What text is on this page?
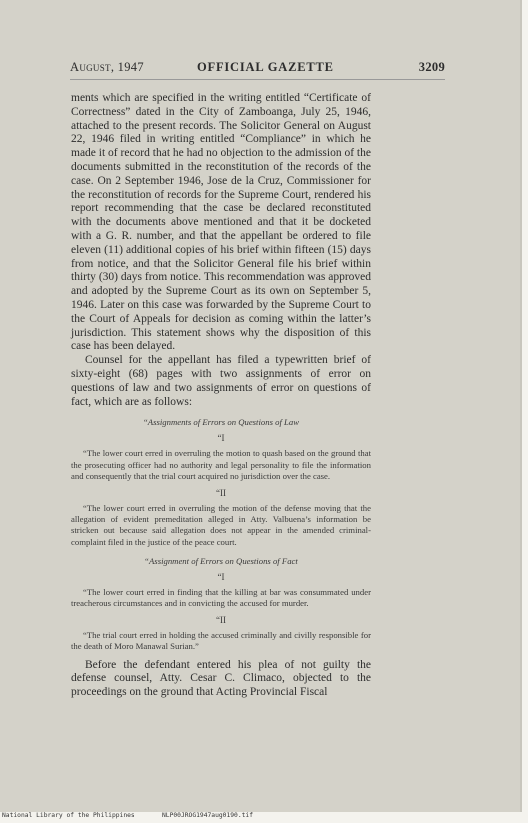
August, 1947	OFFICIAL GAZETTE	3209

ments which are specified in the writing entitled “Certificate of Correctness” dated in the City of Zamboanga, July 25, 1946, attached to the present records. The Solicitor General on August 22, 1946 filed in writing entitled “Compliance” in which he made it of record that he had no objection to the admission of the documents submitted in the reconstitution of the records of the case. On 2 September 1946, Jose de la Cruz, Commissioner for the reconstitution of records for the Supreme Court, rendered his report recommending that the case be declared reconstituted with the documents above mentioned and that it be docketed with a G. R. number, and that the appellant be ordered to file eleven (11) additional copies of his brief within fifteen (15) days from notice, and that the Solicitor General file his brief within thirty (30) days from notice. This recommendation was approved and adopted by the Supreme Court as its own on September 5, 1946. Later on this case was forwarded by the Supreme Court to the Court of Appeals for decision as coming within the latter’s jurisdiction. This statement shows why the disposition of this case has been delayed.

Counsel for the appellant has filed a typewritten brief of sixty-eight (68) pages with two assignments of error on questions of law and two assignments of error on questions of fact, which are as follows:

“Assignments of Errors on Questions of Law
“I

“The lower court erred in overruling the motion to quash based on the ground that the prosecuting officer had no authority and legal personality to file the information and consequently that the trial court acquired no jurisdiction over the case.

“II

“The lower court erred in overruling the motion of the defense moving that the allegation of evident premeditation alleged in Atty. Valbuena’s information be stricken out because said allegation does not appear in the amended criminal-complaint filed in the justice of the peace court.

“Assignment of Errors on Questions of Fact
“I

“The lower court erred in finding that the killing at bar was consummated under treacherous circumstances and in convicting the accused for murder.

“II

“The trial court erred in holding the accused criminally and civilly responsible for the death of Moro Manawal Surian.”

Before the defendant entered his plea of not guilty the defense counsel, Atty. Cesar C. Climaco, objected to the proceedings on the ground that Acting Provincial Fiscal

National Library of the Philippines	NLP00JROG1947aug0190.tif
